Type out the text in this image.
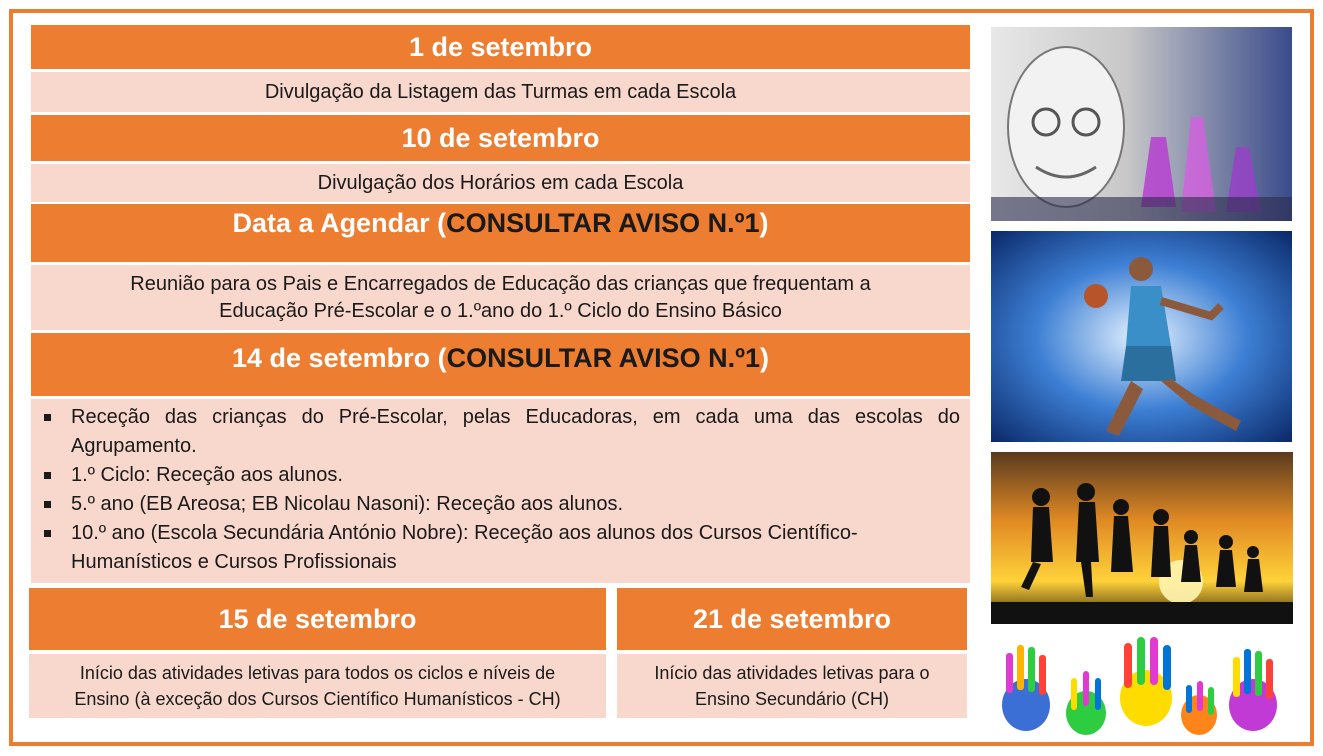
1 de setembro
Divulgação da Listagem das Turmas em cada Escola
10 de setembro
Divulgação dos Horários em cada Escola
Data a Agendar ( CONSULTAR AVISO N.º1 )
Reunião para os Pais e Encarregados de Educação das crianças que frequentam a
Educação Pré-Escolar e o 1.ºano do 1.º Ciclo do Ensino Básico
14 de setembro ( CONSULTAR AVISO N.º1 )
Receção das crianças do Pré-Escolar, pelas Educadoras, em cada uma das escolas do Agrupamento.
1.º Ciclo: Receção aos alunos.
5.º ano (EB Areosa; EB Nicolau Nasoni): Receção aos alunos.
10.º ano (Escola Secundária António Nobre): Receção aos alunos dos Cursos Científico-Humanísticos e Cursos Profissionais
15 de setembro
Início das atividades letivas para todos os ciclos e níveis de
Ensino (à exceção dos Cursos Científico Humanísticos - CH)
21 de setembro
Início das atividades letivas para o
Ensino Secundário (CH)
